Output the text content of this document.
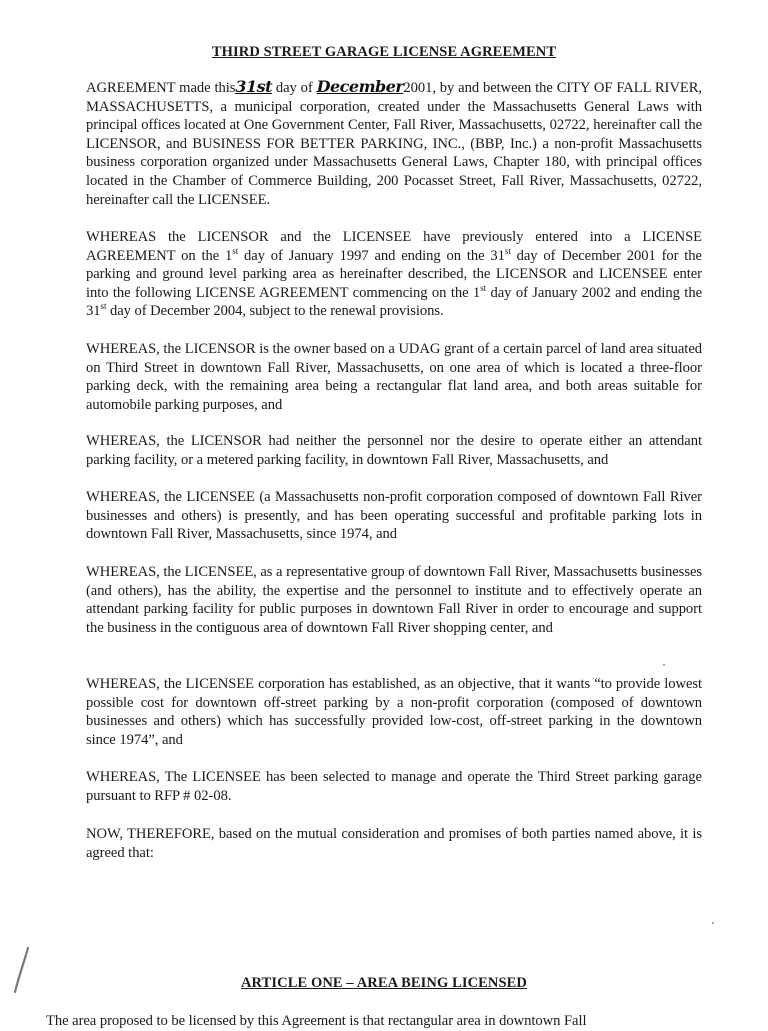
THIRD STREET GARAGE LICENSE AGREEMENT
AGREEMENT made this31st day of December2001, by and between the CITY OF FALL RIVER, MASSACHUSETTS, a municipal corporation, created under the Massachusetts General Laws with principal offices located at One Government Center, Fall River, Massachusetts, 02722, hereinafter call the LICENSOR, and BUSINESS FOR BETTER PARKING, INC., (BBP, Inc.) a non-profit Massachusetts business corporation organized under Massachusetts General Laws, Chapter 180, with principal offices located in the Chamber of Commerce Building, 200 Pocasset Street, Fall River, Massachusetts, 02722, hereinafter call the LICENSEE.
WHEREAS the LICENSOR and the LICENSEE have previously entered into a LICENSE AGREEMENT on the 1st day of January 1997 and ending on the 31st day of December 2001 for the parking and ground level parking area as hereinafter described, the LICENSOR and LICENSEE enter into the following LICENSE AGREEMENT commencing on the 1st day of January 2002 and ending the 31st day of December 2004, subject to the renewal provisions.
WHEREAS, the LICENSOR is the owner based on a UDAG grant of a certain parcel of land area situated on Third Street in downtown Fall River, Massachusetts, on one area of which is located a three-floor parking deck, with the remaining area being a rectangular flat land area, and both areas suitable for automobile parking purposes, and
WHEREAS, the LICENSOR had neither the personnel nor the desire to operate either an attendant parking facility, or a metered parking facility, in downtown Fall River, Massachusetts, and
WHEREAS, the LICENSEE (a Massachusetts non-profit corporation composed of downtown Fall River businesses and others) is presently, and has been operating successful and profitable parking lots in downtown Fall River, Massachusetts, since 1974, and
WHEREAS, the LICENSEE, as a representative group of downtown Fall River, Massachusetts businesses (and others), has the ability, the expertise and the personnel to institute and to effectively operate an attendant parking facility for public purposes in downtown Fall River in order to encourage and support the business in the contiguous area of downtown Fall River shopping center, and
WHEREAS, the LICENSEE corporation has established, as an objective, that it wants “to provide lowest possible cost for downtown off-street parking by a non-profit corporation (composed of downtown businesses and others) which has successfully provided low-cost, off-street parking in the downtown since 1974”, and
WHEREAS, The LICENSEE has been selected to manage and operate the Third Street parking garage pursuant to RFP # 02-08.
NOW, THEREFORE, based on the mutual consideration and promises of both parties named above, it is agreed that:
ARTICLE ONE – AREA BEING LICENSED
The area proposed to be licensed by this Agreement is that rectangular area in downtown Fall
